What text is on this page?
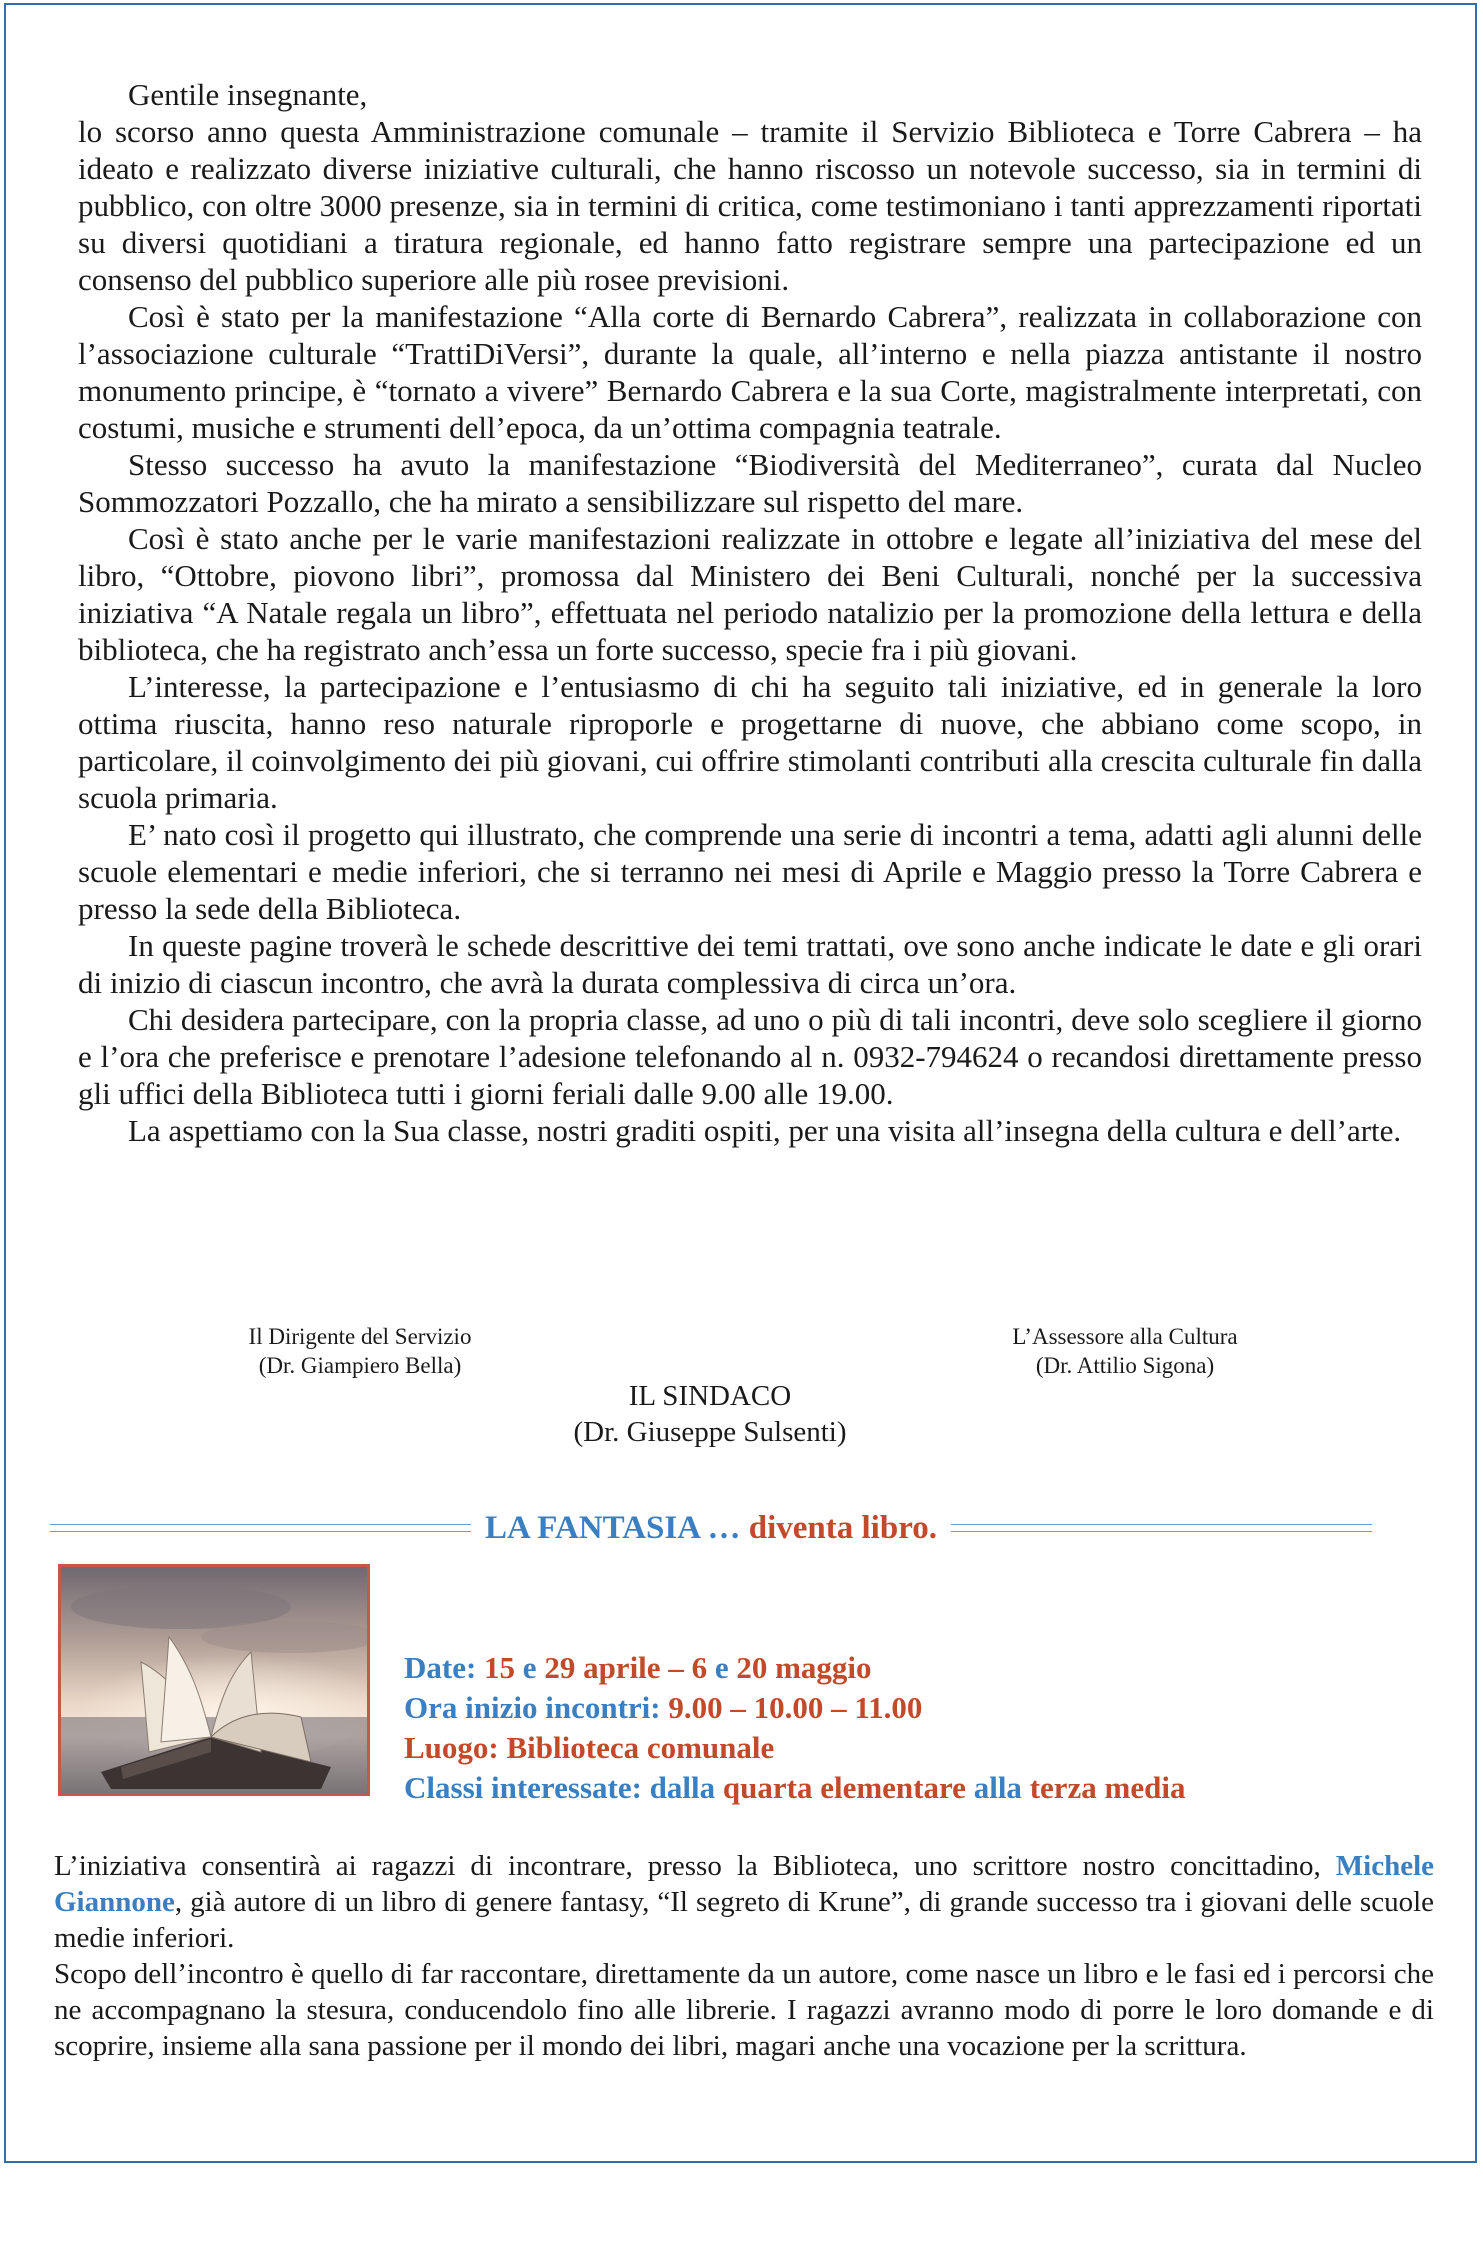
Gentile insegnante,

lo scorso anno questa Amministrazione comunale – tramite il Servizio Biblioteca e Torre Cabrera – ha ideato e realizzato diverse iniziative culturali, che hanno riscosso un notevole successo, sia in termini di pubblico, con oltre 3000 presenze, sia in termini di critica, come testimoniano i tanti apprezzamenti riportati su diversi quotidiani a tiratura regionale, ed hanno fatto registrare sempre una partecipazione ed un consenso del pubblico superiore alle più rosee previsioni.

Così è stato per la manifestazione “Alla corte di Bernardo Cabrera”, realizzata in collaborazione con l’associazione culturale “TrattiDiVersi”, durante la quale, all’interno e nella piazza antistante il nostro monumento principe, è “tornato a vivere” Bernardo Cabrera e la sua Corte, magistralmente interpretati, con costumi, musiche e strumenti dell’epoca, da un’ottima compagnia teatrale.

Stesso successo ha avuto la manifestazione “Biodiversità del Mediterraneo”, curata dal Nucleo Sommozzatori Pozzallo, che ha mirato a sensibilizzare sul rispetto del mare.

Così è stato anche per le varie manifestazioni realizzate in ottobre e legate all’iniziativa del mese del libro, “Ottobre, piovono libri”, promossa dal Ministero dei Beni Culturali, nonché per la successiva iniziativa “A Natale regala un libro”, effettuata nel periodo natalizio per la promozione della lettura e della biblioteca, che ha registrato anch’essa un forte successo, specie fra i più giovani.

L’interesse, la partecipazione e l’entusiasmo di chi ha seguito tali iniziative, ed in generale la loro ottima riuscita, hanno reso naturale riproporle e progettarne di nuove, che abbiano come scopo, in particolare, il coinvolgimento dei più giovani, cui offrire stimolanti contributi alla crescita culturale fin dalla scuola primaria.

E’ nato così il progetto qui illustrato, che comprende una serie di incontri a tema, adatti agli alunni delle scuole elementari e medie inferiori, che si terranno nei mesi di Aprile e Maggio presso la Torre Cabrera e presso la sede della Biblioteca.

In queste pagine troverà le schede descrittive dei temi trattati, ove sono anche indicate le date e gli orari di inizio di ciascun incontro, che avrà la durata complessiva di circa un’ora.

Chi desidera partecipare, con la propria classe, ad uno o più di tali incontri, deve solo scegliere il giorno e l’ora che preferisce e prenotare l’adesione telefonando al n. 0932-794624 o recandosi direttamente presso gli uffici della Biblioteca tutti i giorni feriali dalle 9.00 alle 19.00.

La aspettiamo con la Sua classe, nostri graditi ospiti, per una visita all’insegna della cultura e dell’arte.

Il Dirigente del Servizio
(Dr. Giampiero Bella)
L’Assessore alla Cultura
(Dr. Attilio Sigona)
IL SINDACO
(Dr. Giuseppe Sulsenti)
LA FANTASIA … diventa libro.
Date: 15 e 29 aprile – 6 e 20 maggio
Ora inizio incontri: 9.00 – 10.00 – 11.00
Luogo: Biblioteca comunale
Classi interessate: dalla quarta elementare alla terza media

L’iniziativa consentirà ai ragazzi di incontrare, presso la Biblioteca, uno scrittore nostro concittadino, Michele Giannone, già autore di un libro di genere fantasy, “Il segreto di Krune”, di grande successo tra i giovani delle scuole medie inferiori.

Scopo dell’incontro è quello di far raccontare, direttamente da un autore, come nasce un libro e le fasi ed i percorsi che ne accompagnano la stesura, conducendolo fino alle librerie. I ragazzi avranno modo di porre le loro domande e di scoprire, insieme alla sana passione per il mondo dei libri, magari anche una vocazione per la scrittura.
